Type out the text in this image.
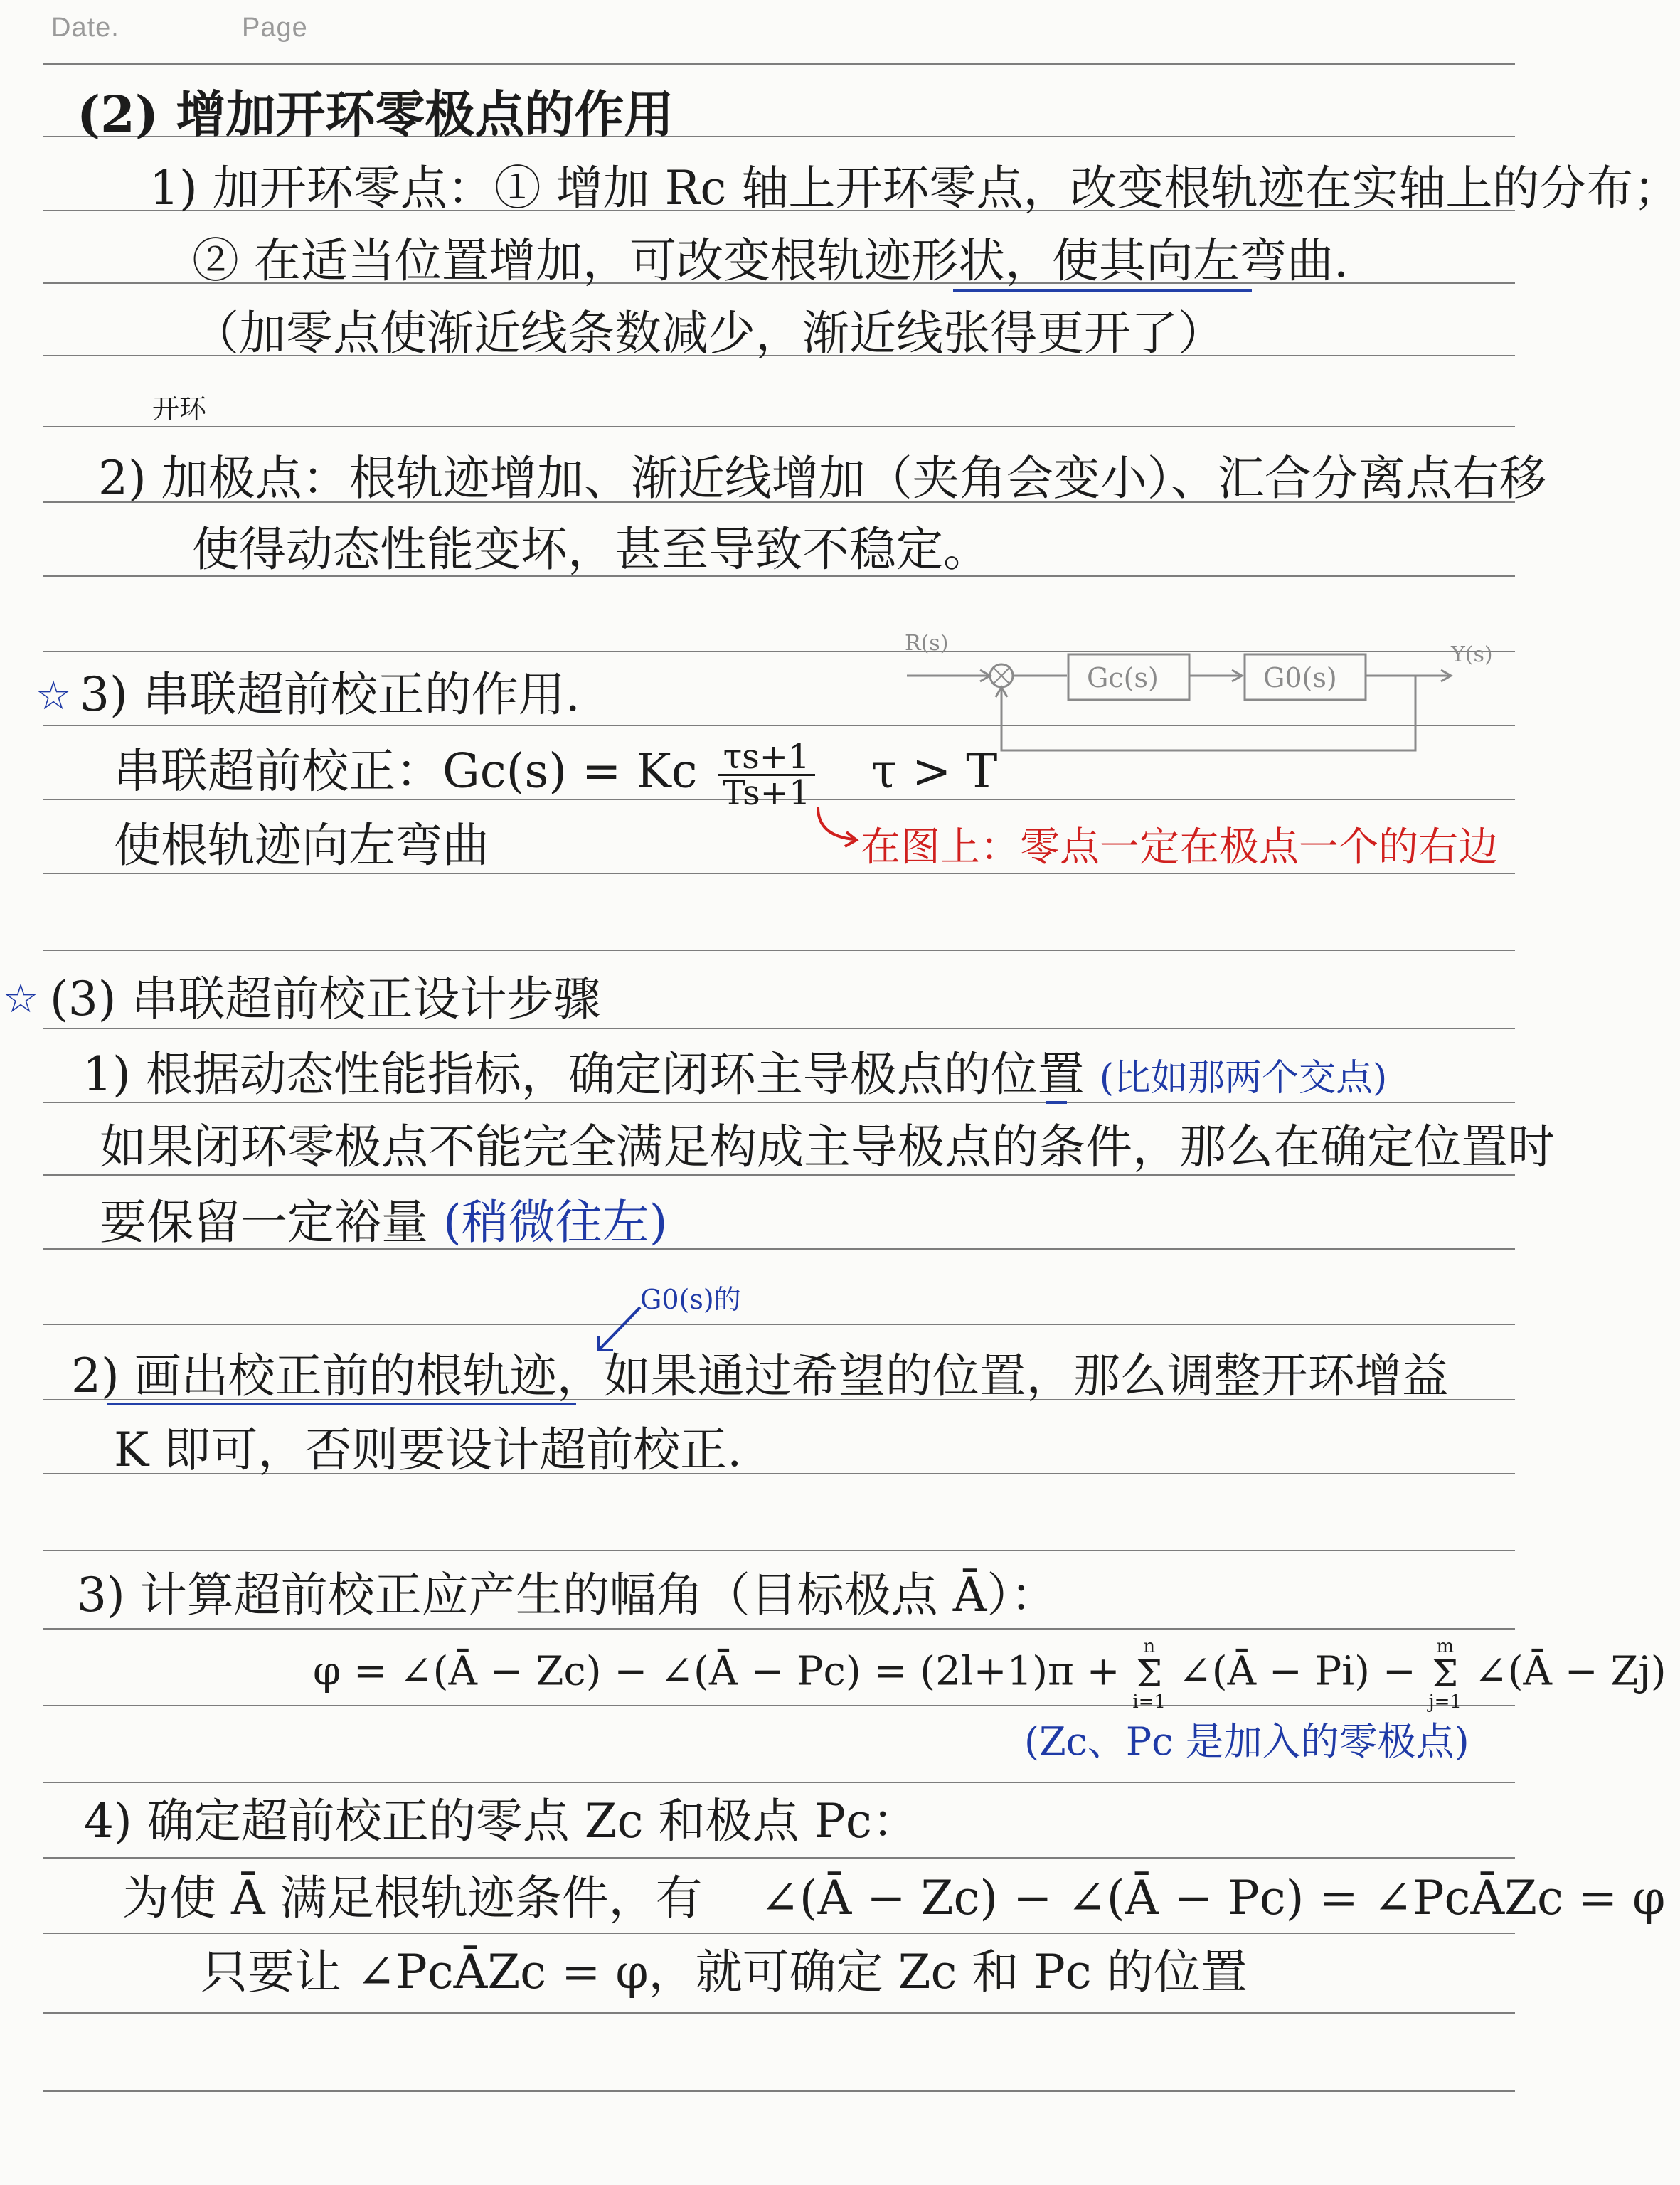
Date.	Page
(2) 增加开环零极点的作用
1) 加开环零点：① 增加 Rc 轴上开环零点，改变根轨迹在实轴上的分布；
② 在适当位置增加，可改变根轨迹形状，使其向左弯曲.
（加零点使渐近线条数减少，渐近线张得更开了）
开环
2) 加极点：根轨迹增加、渐近线增加（夹角会变小）、汇合分离点右移
使得动态性能变坏，甚至导致不稳定。
☆ 3) 串联超前校正的作用.
串联超前校正：Gc(s) = Kc $\frac{\tau s+1}{Ts+1}$ τ > T
使根轨迹向左弯曲	在图上：零点一定在极点一个的右边
R(s)
Gc(s)	G0(s)
Y(s)
☆ (3) 串联超前校正设计步骤
1) 根据动态性能指标，确定闭环主导极点的位置 (比如那两个交点)
如果闭环零极点不能完全满足构成主导极点的条件，那么在确定位置时
要保留一定裕量 (稍微往左)
G0(s)的
2) 画出校正前的根轨迹，如果通过希望的位置，那么调整开环增益
K 即可，否则要设计超前校正.
3) 计算超前校正应产生的幅角（目标极点 Ā）：
φ = ∠(Ā − Zc) − ∠(Ā − Pc) = (2l+1)π +
n
Σ
i=1
∠(Ā − Pi) −
m
Σ
j=1
∠(Ā − Zj)
(Zc、Pc 是加入的零极点)
4) 确定超前校正的零点 Zc 和极点 Pc：
为使 Ā 满足根轨迹条件，有 ∠(Ā − Zc) − ∠(Ā − Pc) = ∠PcĀZc = φ
只要让 ∠PcĀZc = φ，就可确定 Zc 和 Pc 的位置
